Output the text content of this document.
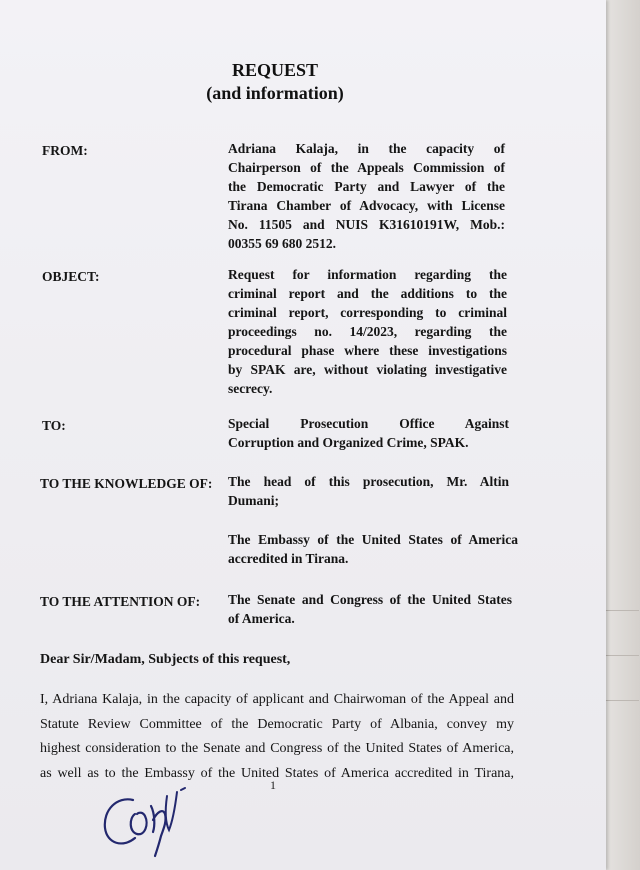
REQUEST
(and information)
FROM:	Adriana Kalaja, in the capacity of
Chairperson of the Appeals Commission of
the Democratic Party and Lawyer of the
Tirana Chamber of Advocacy, with License
No. 11505 and NUIS K31610191W, Mob.:
00355 69 680 2512.
OBJECT:	Request for information regarding the
criminal report and the additions to the
criminal report, corresponding to criminal
proceedings no. 14/2023, regarding the
procedural phase where these investigations
by SPAK are, without violating investigative
secrecy.
TO:	Special Prosecution Office Against
Corruption and Organized Crime, SPAK.
TO THE KNOWLEDGE OF: The head of this prosecution, Mr. Altin
Dumani;
The Embassy of the United States of America
accredited in Tirana.
TO THE ATTENTION OF: The Senate and Congress of the United States
of America.
Dear Sir/Madam, Subjects of this request,
I, Adriana Kalaja, in the capacity of applicant and Chairwoman of the Appeal and
Statute Review Committee of the Democratic Party of Albania, convey my
highest consideration to the Senate and Congress of the United States of America,
as well as to the Embassy of the United States of America accredited in Tirana,
1
